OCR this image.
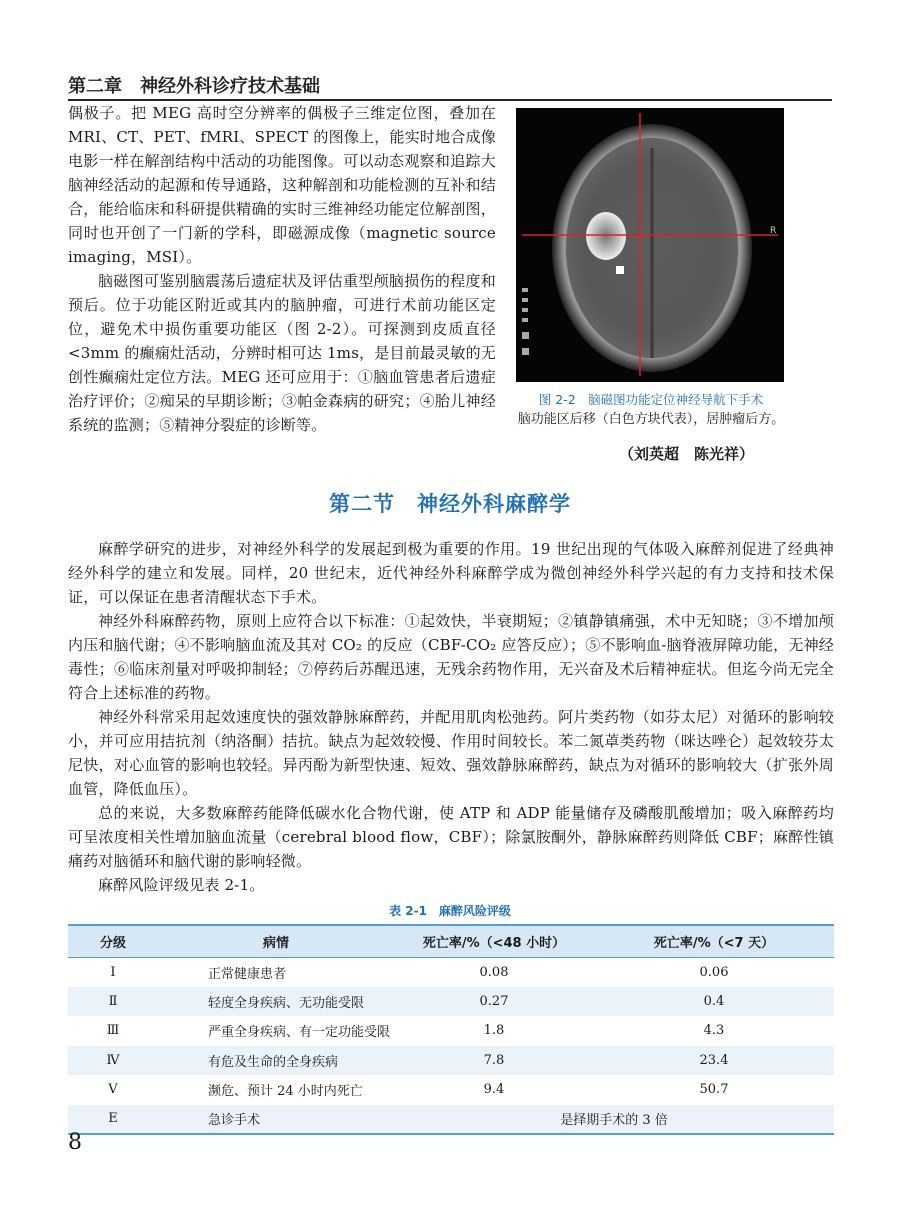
第二章　神经外科诊疗技术基础

偶极子。把 MEG 高时空分辨率的偶极子三维定位图，叠加在 MRI、CT、PET、fMRI、SPECT 的图像上，能实时地合成像电影一样在解剖结构中活动的功能图像。可以动态观察和追踪大脑神经活动的起源和传导通路，这种解剖和功能检测的互补和结合，能给临床和科研提供精确的实时三维神经功能定位解剖图，同时也开创了一门新的学科，即磁源成像（magnetic source imaging，MSI）。

脑磁图可鉴别脑震荡后遗症状及评估重型颅脑损伤的程度和预后。位于功能区附近或其内的脑肿瘤，可进行术前功能区定位，避免术中损伤重要功能区（图 2-2）。可探测到皮质直径<3mm 的癫痫灶活动，分辨时相可达 1ms，是目前最灵敏的无创性癫痫灶定位方法。MEG 还可应用于：①脑血管患者后遗症治疗评价；②痴呆的早期诊断；③帕金森病的研究；④胎儿神经系统的监测；⑤精神分裂症的诊断等。

R
图 2-2　脑磁图功能定位神经导航下手术
脑功能区后移（白色方块代表），居肿瘤后方。
（刘英超　陈光祥）
第二节　神经外科麻醉学

麻醉学研究的进步，对神经外科学的发展起到极为重要的作用。19 世纪出现的气体吸入麻醉剂促进了经典神经外科学的建立和发展。同样，20 世纪末，近代神经外科麻醉学成为微创神经外科学兴起的有力支持和技术保证，可以保证在患者清醒状态下手术。

神经外科麻醉药物，原则上应符合以下标准：①起效快，半衰期短；②镇静镇痛强，术中无知晓；③不增加颅内压和脑代谢；④不影响脑血流及其对 CO₂ 的反应（CBF-CO₂ 应答反应）；⑤不影响血-脑脊液屏障功能，无神经毒性；⑥临床剂量对呼吸抑制轻；⑦停药后苏醒迅速，无残余药物作用，无兴奋及术后精神症状。但迄今尚无完全符合上述标准的药物。

神经外科常采用起效速度快的强效静脉麻醉药，并配用肌肉松弛药。阿片类药物（如芬太尼）对循环的影响较小，并可应用拮抗剂（纳洛酮）拮抗。缺点为起效较慢、作用时间较长。苯二氮䓬类药物（咪达唑仑）起效较芬太尼快，对心血管的影响也较轻。异丙酚为新型快速、短效、强效静脉麻醉药，缺点为对循环的影响较大（扩张外周血管，降低血压）。

总的来说，大多数麻醉药能降低碳水化合物代谢，使 ATP 和 ADP 能量储存及磷酸肌酸增加；吸入麻醉药均可呈浓度相关性增加脑血流量（cerebral blood flow，CBF）；除氯胺酮外，静脉麻醉药则降低 CBF；麻醉性镇痛药对脑循环和脑代谢的影响轻微。

麻醉风险评级见表 2-1。

表 2-1　麻醉风险评级
分级	病情	死亡率/%（<48 小时）	死亡率/%（<7 天）
Ⅰ	正常健康患者	0.08	0.06
Ⅱ	轻度全身疾病、无功能受限	0.27	0.4
Ⅲ	严重全身疾病、有一定功能受限	1.8	4.3
Ⅳ	有危及生命的全身疾病	7.8	23.4
Ⅴ	濒危、预计 24 小时内死亡	9.4	50.7
E	急诊手术	是择期手术的 3 倍	
8
